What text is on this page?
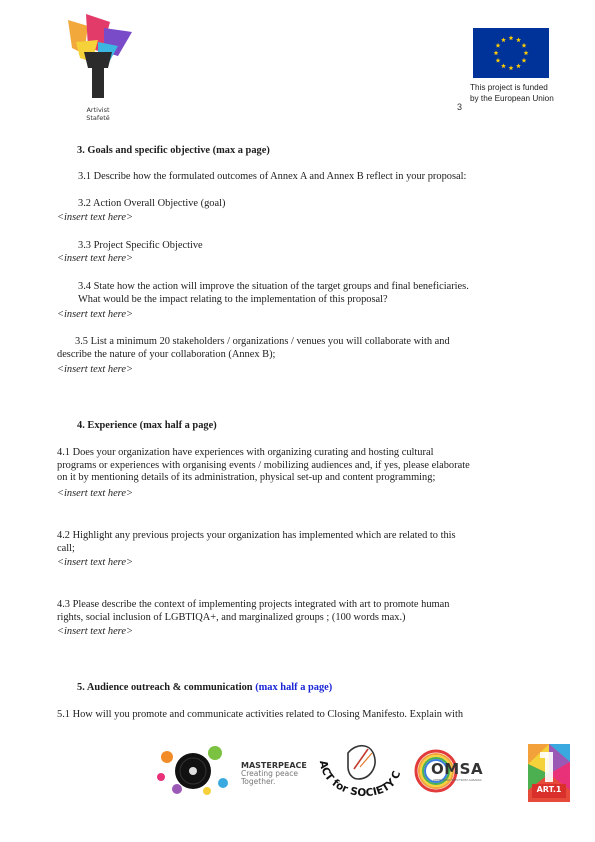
Artivist
Stafetë
3
This project is funded
by the European Union
3. Goals and specific objective (max a page)
3.1 Describe how the formulated outcomes of Annex A and Annex B reflect in your proposal:
3.2 Action Overall Objective (goal)
<insert text here>
3.3 Project Specific Objective
<insert text here>
3.4 State how the action will improve the situation of the target groups and final beneficiaries.
What would be the impact relating to the implementation of this proposal?
<insert text here>
3.5 List a minimum 20 stakeholders / organizations / venues you will collaborate with and
describe the nature of your collaboration (Annex B);
<insert text here>
4. Experience (max half a page)
4.1 Does your organization have experiences with organizing curating and hosting cultural
programs or experiences with organising events / mobilizing audiences and, if yes, please elaborate
on it by mentioning details of its administration, physical set-up and content programming;
<insert text here>
4.2 Highlight any previous projects your organization has implemented which are related to this
call;
<insert text here>
4.3 Please describe the context of implementing projects integrated with art to promote human
rights, social inclusion of LGBTIQA+, and marginalized groups ; (100 words max.)
<insert text here>
5. Audience outreach & communication (max half a page)
5.1 How will you promote and communicate activities related to Closing Manifesto. Explain with
MASTERPEACE
Creating peace
Together.
ACT for SOCIETY C OMSA
OPEN MIND SPECTRUM ALBANIA
ART.1
